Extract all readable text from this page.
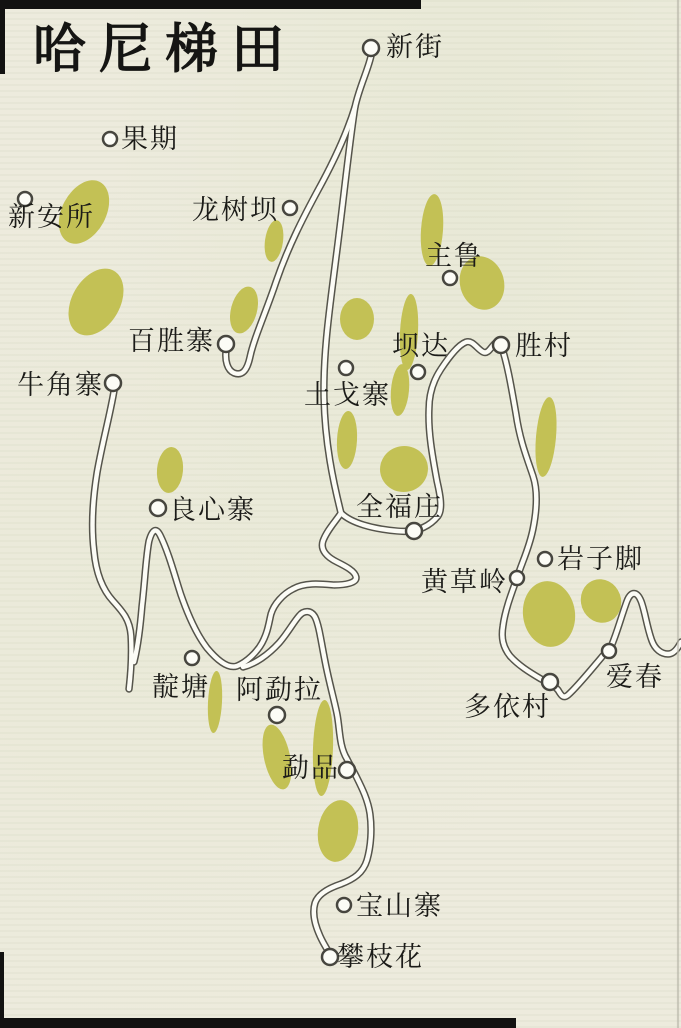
哈尼梯田	新街
果期
新安所	龙树坝
主鲁
百胜寨	坝达 胜村
牛角寨	土戈寨
良心寨	全福庄
岩子脚
黄草岭
爱春
靛塘 阿勐拉
多依村
勐品
宝山寨
攀枝花
